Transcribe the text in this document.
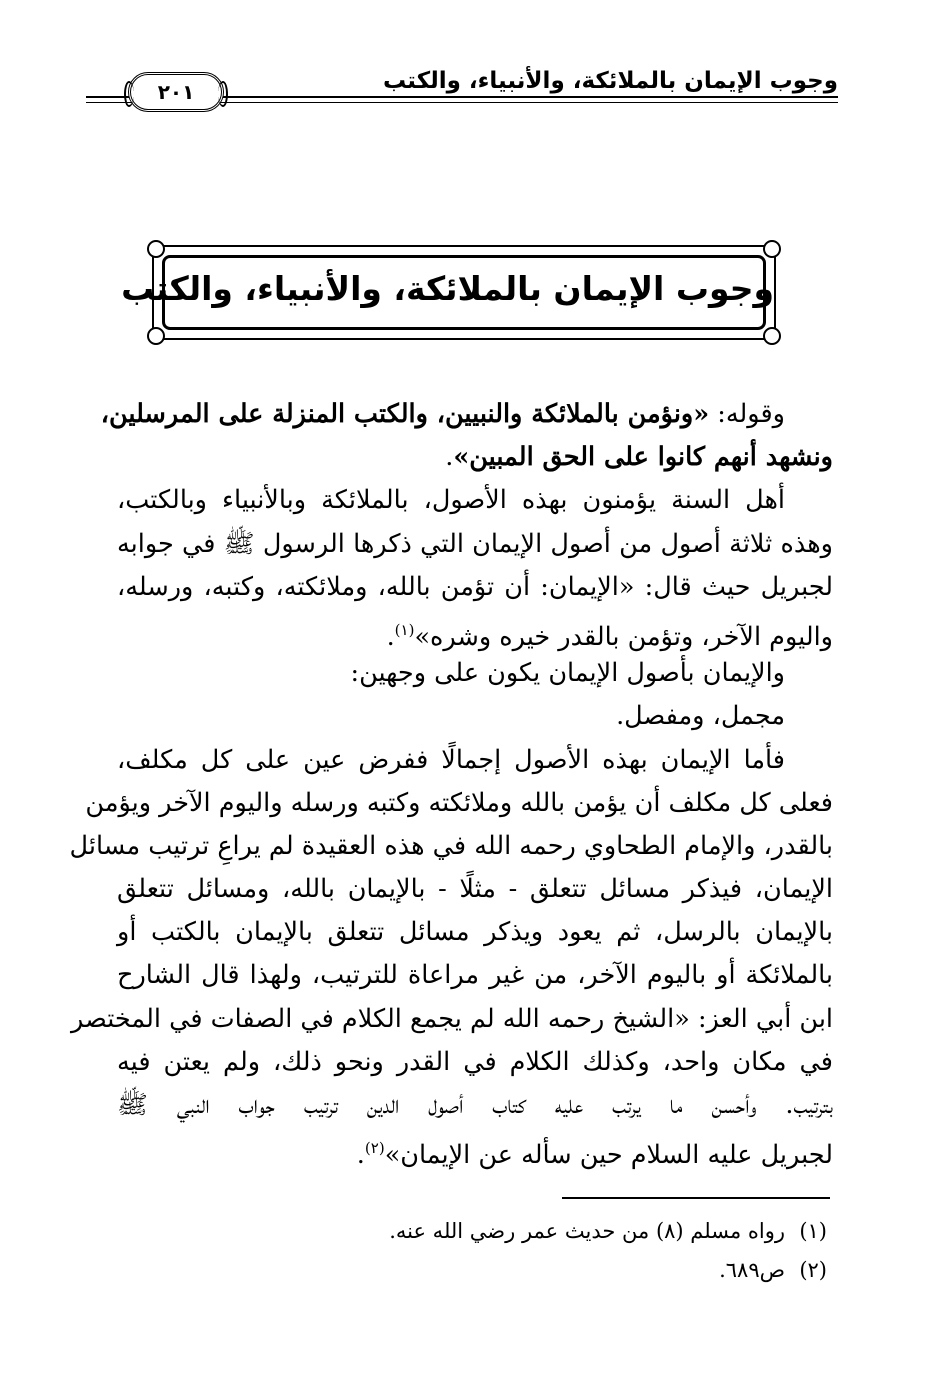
وجوب الإيمان بالملائكة، والأنبياء، والكتب
٢٠١
وجوب الإيمان بالملائكة، والأنبياء، والكتب
وقوله: «ونؤمن بالملائكة والنبيين، والكتب المنزلة على المرسلين،
ونشهد أنهم كانوا على الحق المبين».
أهل السنة يؤمنون بهذه الأصول، بالملائكة وبالأنبياء وبالكتب،
وهذه ثلاثة أصول من أصول الإيمان التي ذكرها الرسول ﷺ في جوابه
لجبريل حيث قال: «الإيمان: أن تؤمن بالله، وملائكته، وكتبه، ورسله،
واليوم الآخر، وتؤمن بالقدر خيره وشره»$^{(١)}$.
والإيمان بأصول الإيمان يكون على وجهين:
مجمل، ومفصل.
فأما الإيمان بهذه الأصول إجمالًا ففرض عين على كل مكلف،
فعلى كل مكلف أن يؤمن بالله وملائكته وكتبه ورسله واليوم الآخر ويؤمن
بالقدر، والإمام الطحاوي رحمه الله في هذه العقيدة لم يراعِ ترتيب مسائل
الإيمان، فيذكر مسائل تتعلق - مثلًا - بالإيمان بالله، ومسائل تتعلق
بالإيمان بالرسل، ثم يعود ويذكر مسائل تتعلق بالإيمان بالكتب أو
بالملائكة أو باليوم الآخر، من غير مراعاة للترتيب، ولهذا قال الشارح
ابن أبي العز: «الشيخ رحمه الله لم يجمع الكلام في الصفات في المختصر
في مكان واحد، وكذلك الكلام في القدر ونحو ذلك، ولم يعتن فيه
بترتيب. وأحسن ما يرتب عليه كتاب أصول الدين ترتيب جواب النبي ﷺ
لجبريل عليه السلام حين سأله عن الإيمان»$^{(٢)}$.
(١)رواه مسلم (٨) من حديث عمر رضي الله عنه.
(٢)ص٦٨٩.
